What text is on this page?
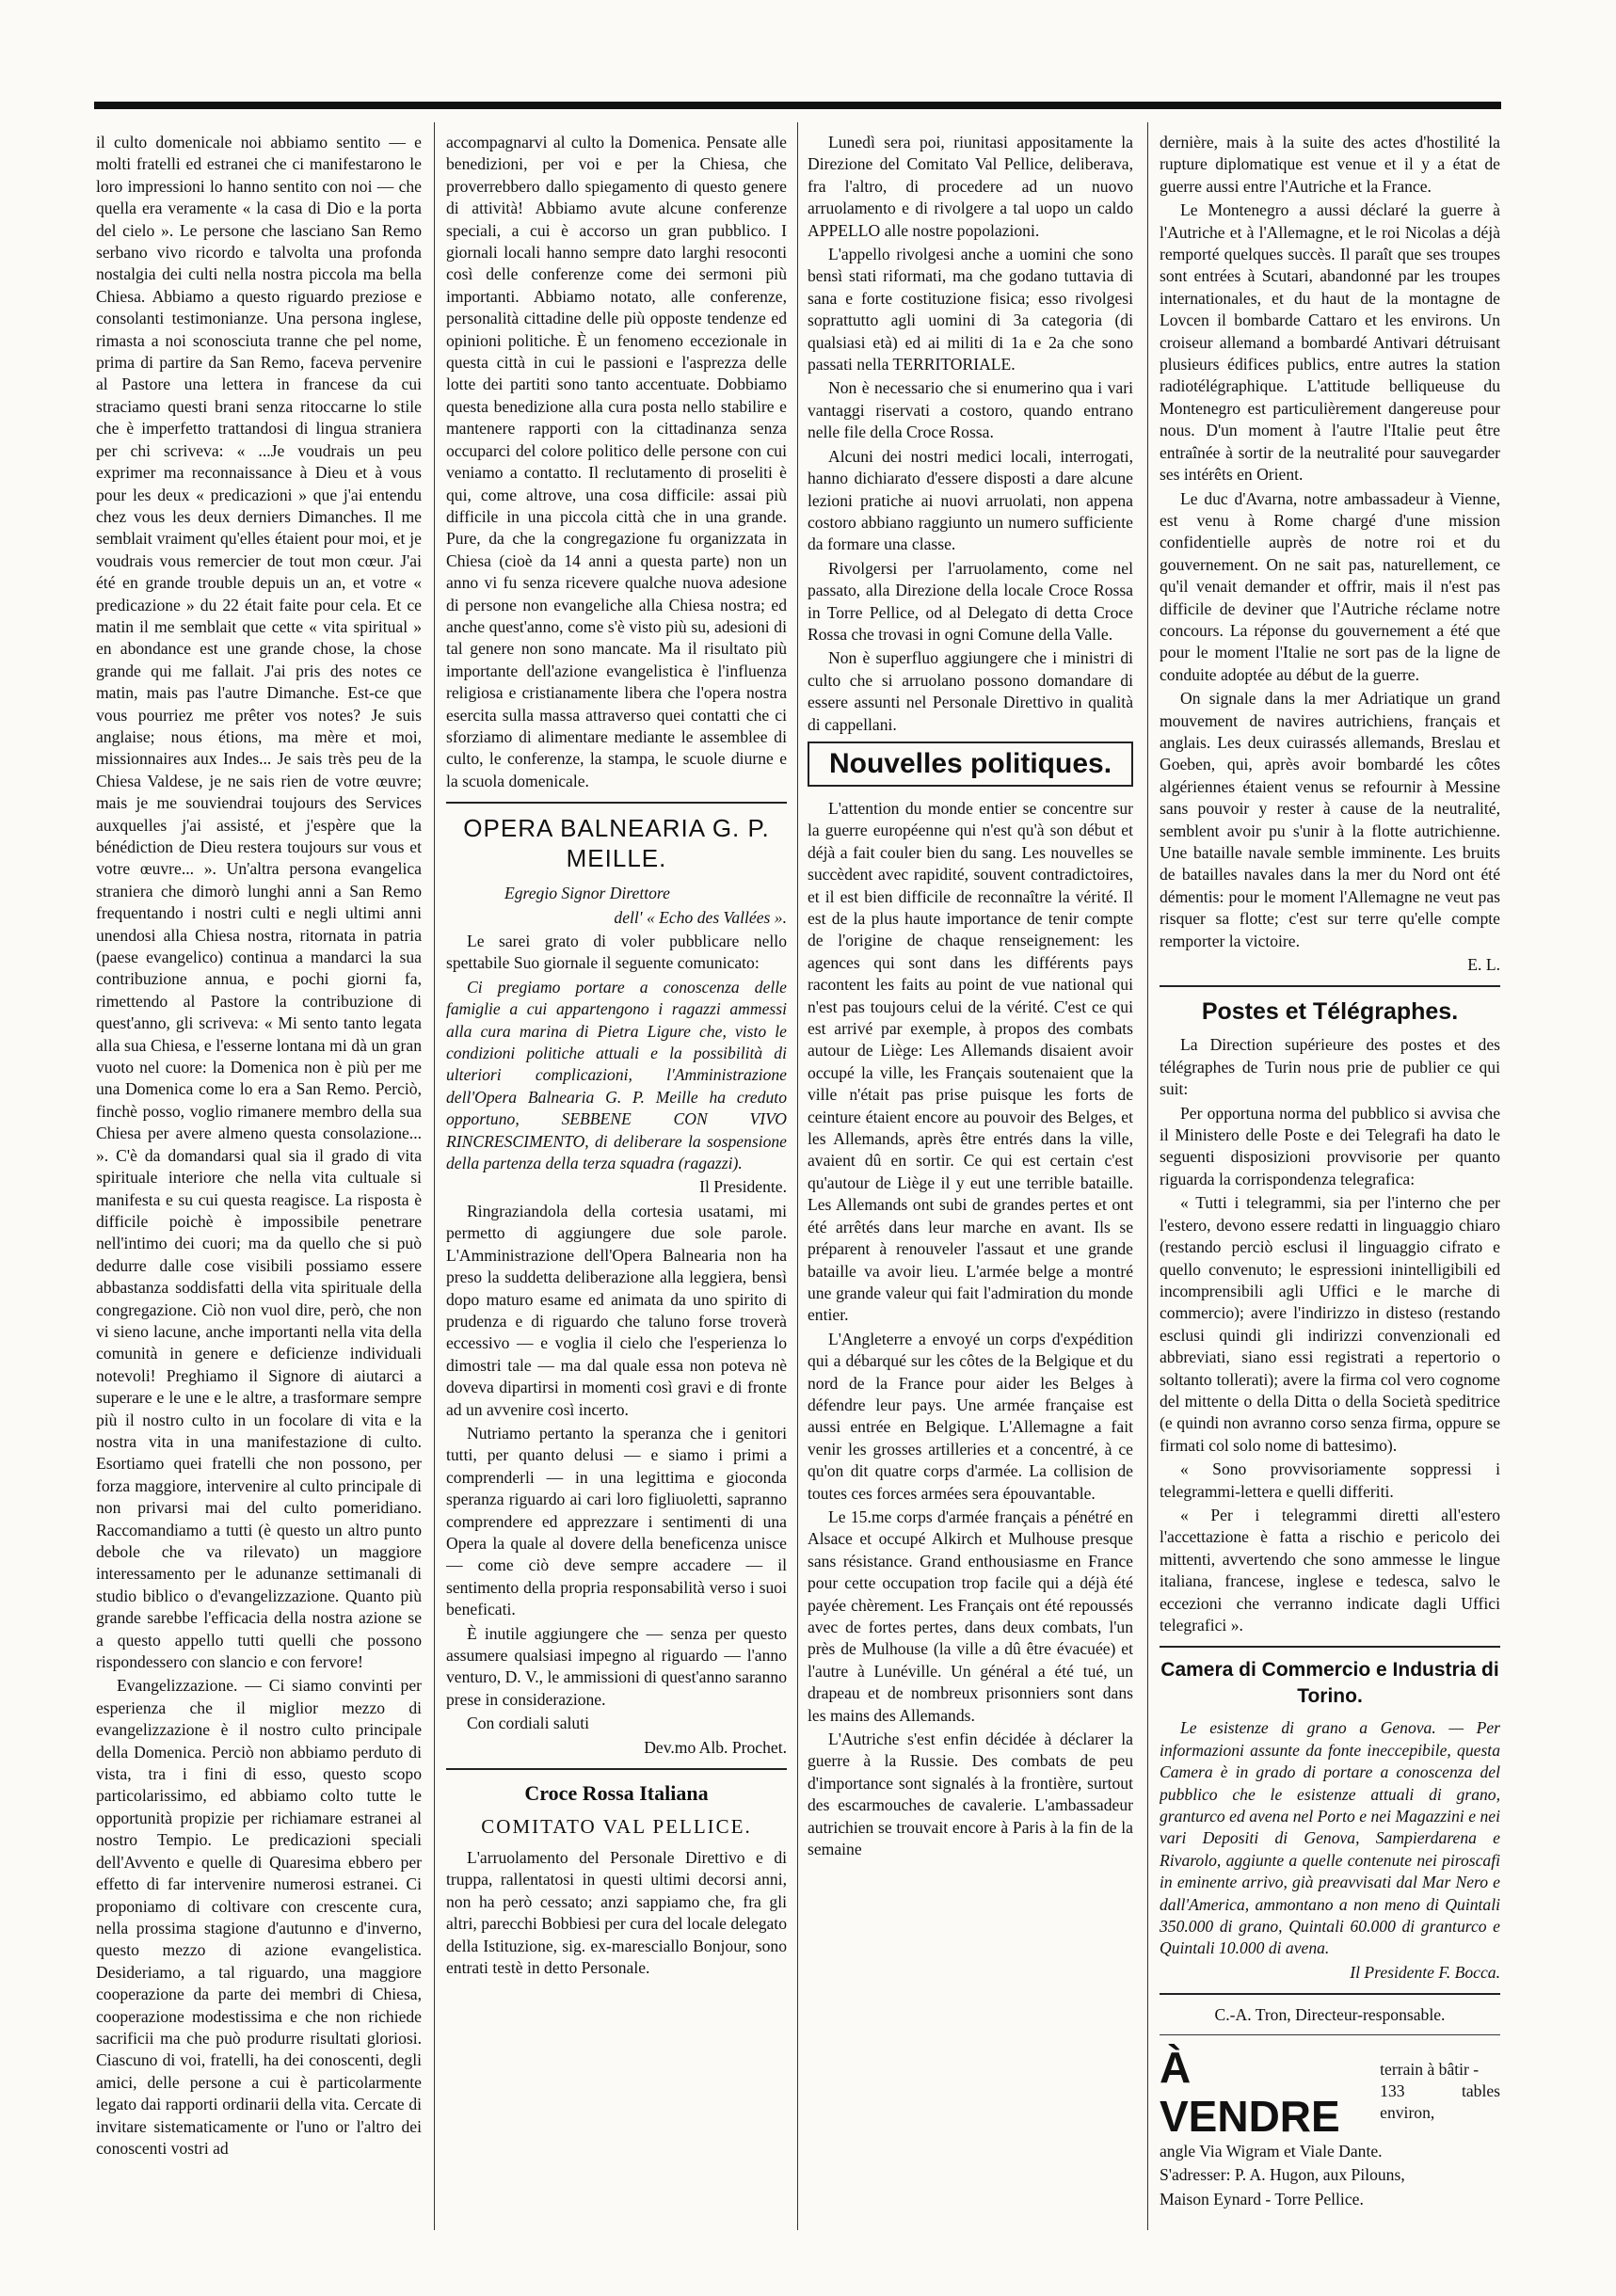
il culto domenicale noi abbiamo sentito — e molti fratelli ed estranei che ci manifestarono le loro impressioni lo hanno sentito con noi — che quella era veramente « la casa di Dio e la porta del cielo ». Le persone che lasciano San Remo serbano vivo ricordo e talvolta una profonda nostalgia dei culti nella nostra piccola ma bella Chiesa. Abbiamo a questo riguardo preziose e consolanti testimonianze. Una persona inglese, rimasta a noi sconosciuta tranne che pel nome, prima di partire da San Remo, faceva pervenire al Pastore una lettera in francese da cui straciamo questi brani senza ritoccarne lo stile che è imperfetto trattandosi di lingua straniera per chi scriveva: « ...Je voudrais un peu exprimer ma reconnaissance à Dieu et à vous pour les deux « predicazioni » que j'ai entendu chez vous les deux derniers Dimanches. Il me semblait vraiment qu'elles étaient pour moi, et je voudrais vous remercier de tout mon cœur. J'ai été en grande trouble depuis un an, et votre « predicazione » du 22 était faite pour cela. Et ce matin il me semblait que cette « vita spiritual » en abondance est une grande chose, la chose grande qui me fallait. J'ai pris des notes ce matin, mais pas l'autre Dimanche. Est-ce que vous pourriez me prêter vos notes? Je suis anglaise; nous étions, ma mère et moi, missionnaires aux Indes... Je sais très peu de la Chiesa Valdese, je ne sais rien de votre œuvre; mais je me souviendrai toujours des Services auxquelles j'ai assisté, et j'espère que la bénédiction de Dieu restera toujours sur vous et votre œuvre... ». Un'altra persona evangelica straniera che dimorò lunghi anni a San Remo frequentando i nostri culti e negli ultimi anni unendosi alla Chiesa nostra, ritornata in patria (paese evangelico) continua a mandarci la sua contribuzione annua, e pochi giorni fa, rimettendo al Pastore la contribuzione di quest'anno, gli scriveva: « Mi sento tanto legata alla sua Chiesa, e l'esserne lontana mi dà un gran vuoto nel cuore: la Domenica non è più per me una Domenica come lo era a San Remo. Perciò, finchè posso, voglio rimanere membro della sua Chiesa per avere almeno questa consolazione... ». C'è da domandarsi qual sia il grado di vita spirituale interiore che nella vita cultuale si manifesta e su cui questa reagisce. La risposta è difficile poichè è impossibile penetrare nell'intimo dei cuori; ma da quello che si può dedurre dalle cose visibili possiamo essere abbastanza soddisfatti della vita spirituale della congregazione. Ciò non vuol dire, però, che non vi sieno lacune, anche importanti nella vita della comunità in genere e deficienze individuali notevoli! Preghiamo il Signore di aiutarci a superare e le une e le altre, a trasformare sempre più il nostro culto in un focolare di vita e la nostra vita in una manifestazione di culto. Esortiamo quei fratelli che non possono, per forza maggiore, intervenire al culto principale di non privarsi mai del culto pomeridiano. Raccomandiamo a tutti (è questo un altro punto debole che va rilevato) un maggiore interessamento per le adunanze settimanali di studio biblico o d'evangelizzazione. Quanto più grande sarebbe l'efficacia della nostra azione se a questo appello tutti quelli che possono rispondessero con slancio e con fervore!

Evangelizzazione. — Ci siamo convinti per esperienza che il miglior mezzo di evangelizzazione è il nostro culto principale della Domenica. Perciò non abbiamo perduto di vista, tra i fini di esso, questo scopo particolarissimo, ed abbiamo colto tutte le opportunità propizie per richiamare estranei al nostro Tempio. Le predicazioni speciali dell'Avvento e quelle di Quaresima ebbero per effetto di far intervenire numerosi estranei. Ci proponiamo di coltivare con crescente cura, nella prossima stagione d'autunno e d'inverno, questo mezzo di azione evangelistica. Desideriamo, a tal riguardo, una maggiore cooperazione da parte dei membri di Chiesa, cooperazione modestissima e che non richiede sacrificii ma che può produrre risultati gloriosi. Ciascuno di voi, fratelli, ha dei conoscenti, degli amici, delle persone a cui è particolarmente legato dai rapporti ordinarii della vita. Cercate di invitare sistematicamente or l'uno or l'altro dei conoscenti vostri ad

accompagnarvi al culto la Domenica. Pensate alle benedizioni, per voi e per la Chiesa, che proverrebbero dallo spiegamento di questo genere di attività! Abbiamo avute alcune conferenze speciali, a cui è accorso un gran pubblico. I giornali locali hanno sempre dato larghi resoconti così delle conferenze come dei sermoni più importanti. Abbiamo notato, alle conferenze, personalità cittadine delle più opposte tendenze ed opinioni politiche. È un fenomeno eccezionale in questa città in cui le passioni e l'asprezza delle lotte dei partiti sono tanto accentuate. Dobbiamo questa benedizione alla cura posta nello stabilire e mantenere rapporti con la cittadinanza senza occuparci del colore politico delle persone con cui veniamo a contatto. Il reclutamento di proseliti è qui, come altrove, una cosa difficile: assai più difficile in una piccola città che in una grande. Pure, da che la congregazione fu organizzata in Chiesa (cioè da 14 anni a questa parte) non un anno vi fu senza ricevere qualche nuova adesione di persone non evangeliche alla Chiesa nostra; ed anche quest'anno, come s'è visto più su, adesioni di tal genere non sono mancate. Ma il risultato più importante dell'azione evangelistica è l'influenza religiosa e cristianamente libera che l'opera nostra esercita sulla massa attraverso quei contatti che ci sforziamo di alimentare mediante le assemblee di culto, le conferenze, la stampa, le scuole diurne e la scuola domenicale.

OPERA BALNEARIA G. P. MEILLE.

Egregio Signor Direttore

dell' « Echo des Vallées ».

Le sarei grato di voler pubblicare nello spettabile Suo giornale il seguente comunicato:

Ci pregiamo portare a conoscenza delle famiglie a cui appartengono i ragazzi ammessi alla cura marina di Pietra Ligure che, visto le condizioni politiche attuali e la possibilità di ulteriori complicazioni, l'Amministrazione dell'Opera Balnearia G. P. Meille ha creduto opportuno, SEBBENE CON VIVO RINCRESCIMENTO, di deliberare la sospensione della partenza della terza squadra (ragazzi).

Il Presidente.

Ringraziandola della cortesia usatami, mi permetto di aggiungere due sole parole. L'Amministrazione dell'Opera Balnearia non ha preso la suddetta deliberazione alla leggiera, bensì dopo maturo esame ed animata da uno spirito di prudenza e di riguardo che taluno forse troverà eccessivo — e voglia il cielo che l'esperienza lo dimostri tale — ma dal quale essa non poteva nè doveva dipartirsi in momenti così gravi e di fronte ad un avvenire così incerto.

Nutriamo pertanto la speranza che i genitori tutti, per quanto delusi — e siamo i primi a comprenderli — in una legittima e gioconda speranza riguardo ai cari loro figliuoletti, sapranno comprendere ed apprezzare i sentimenti di una Opera la quale al dovere della beneficenza unisce — come ciò deve sempre accadere — il sentimento della propria responsabilità verso i suoi beneficati.

È inutile aggiungere che — senza per questo assumere qualsiasi impegno al riguardo — l'anno venturo, D. V., le ammissioni di quest'anno saranno prese in considerazione.

Con cordiali saluti

Dev.mo Alb. Prochet.

Croce Rossa Italiana
COMITATO VAL PELLICE.

L'arruolamento del Personale Direttivo e di truppa, rallentatosi in questi ultimi decorsi anni, non ha però cessato; anzi sappiamo che, fra gli altri, parecchi Bobbiesi per cura del locale delegato della Istituzione, sig. ex-maresciallo Bonjour, sono entrati testè in detto Personale.

Lunedì sera poi, riunitasi appositamente la Direzione del Comitato Val Pellice, deliberava, fra l'altro, di procedere ad un nuovo arruolamento e di rivolgere a tal uopo un caldo APPELLO alle nostre popolazioni.

L'appello rivolgesi anche a uomini che sono bensì stati riformati, ma che godano tuttavia di sana e forte costituzione fisica; esso rivolgesi soprattutto agli uomini di 3a categoria (di qualsiasi età) ed ai militi di 1a e 2a che sono passati nella TERRITORIALE.

Non è necessario che si enumerino qua i vari vantaggi riservati a costoro, quando entrano nelle file della Croce Rossa.

Alcuni dei nostri medici locali, interrogati, hanno dichiarato d'essere disposti a dare alcune lezioni pratiche ai nuovi arruolati, non appena costoro abbiano raggiunto un numero sufficiente da formare una classe.

Rivolgersi per l'arruolamento, come nel passato, alla Direzione della locale Croce Rossa in Torre Pellice, od al Delegato di detta Croce Rossa che trovasi in ogni Comune della Valle.

Non è superfluo aggiungere che i ministri di culto che si arruolano possono domandare di essere assunti nel Personale Direttivo in qualità di cappellani.

Nouvelles politiques.

L'attention du monde entier se concentre sur la guerre européenne qui n'est qu'à son début et déjà a fait couler bien du sang. Les nouvelles se succèdent avec rapidité, souvent contradictoires, et il est bien difficile de reconnaître la vérité. Il est de la plus haute importance de tenir compte de l'origine de chaque renseignement: les agences qui sont dans les différents pays racontent les faits au point de vue national qui n'est pas toujours celui de la vérité. C'est ce qui est arrivé par exemple, à propos des combats autour de Liège: Les Allemands disaient avoir occupé la ville, les Français soutenaient que la ville n'était pas prise puisque les forts de ceinture étaient encore au pouvoir des Belges, et les Allemands, après être entrés dans la ville, avaient dû en sortir. Ce qui est certain c'est qu'autour de Liège il y eut une terrible bataille. Les Allemands ont subi de grandes pertes et ont été arrêtés dans leur marche en avant. Ils se préparent à renouveler l'assaut et une grande bataille va avoir lieu. L'armée belge a montré une grande valeur qui fait l'admiration du monde entier.

L'Angleterre a envoyé un corps d'expédition qui a débarqué sur les côtes de la Belgique et du nord de la France pour aider les Belges à défendre leur pays. Une armée française est aussi entrée en Belgique. L'Allemagne a fait venir les grosses artilleries et a concentré, à ce qu'on dit quatre corps d'armée. La collision de toutes ces forces armées sera épouvantable.

Le 15.me corps d'armée français a pénétré en Alsace et occupé Alkirch et Mulhouse presque sans résistance. Grand enthousiasme en France pour cette occupation trop facile qui a déjà été payée chèrement. Les Français ont été repoussés avec de fortes pertes, dans deux combats, l'un près de Mulhouse (la ville a dû être évacuée) et l'autre à Lunéville. Un général a été tué, un drapeau et de nombreux prisonniers sont dans les mains des Allemands.

L'Autriche s'est enfin décidée à déclarer la guerre à la Russie. Des combats de peu d'importance sont signalés à la frontière, surtout des escarmouches de cavalerie. L'ambassadeur autrichien se trouvait encore à Paris à la fin de la semaine

dernière, mais à la suite des actes d'hostilité la rupture diplomatique est venue et il y a état de guerre aussi entre l'Autriche et la France.

Le Montenegro a aussi déclaré la guerre à l'Autriche et à l'Allemagne, et le roi Nicolas a déjà remporté quelques succès. Il paraît que ses troupes sont entrées à Scutari, abandonné par les troupes internationales, et du haut de la montagne de Lovcen il bombarde Cattaro et les environs. Un croiseur allemand a bombardé Antivari détruisant plusieurs édifices publics, entre autres la station radiotélégraphique. L'attitude belliqueuse du Montenegro est particulièrement dangereuse pour nous. D'un moment à l'autre l'Italie peut être entraînée à sortir de la neutralité pour sauvegarder ses intérêts en Orient.

Le duc d'Avarna, notre ambassadeur à Vienne, est venu à Rome chargé d'une mission confidentielle auprès de notre roi et du gouvernement. On ne sait pas, naturellement, ce qu'il venait demander et offrir, mais il n'est pas difficile de deviner que l'Autriche réclame notre concours. La réponse du gouvernement a été que pour le moment l'Italie ne sort pas de la ligne de conduite adoptée au début de la guerre.

On signale dans la mer Adriatique un grand mouvement de navires autrichiens, français et anglais. Les deux cuirassés allemands, Breslau et Goeben, qui, après avoir bombardé les côtes algériennes étaient venus se refournir à Messine sans pouvoir y rester à cause de la neutralité, semblent avoir pu s'unir à la flotte autrichienne. Une bataille navale semble imminente. Les bruits de batailles navales dans la mer du Nord ont été démentis: pour le moment l'Allemagne ne veut pas risquer sa flotte; c'est sur terre qu'elle compte remporter la victoire.

E. L.

Postes et Télégraphes.

La Direction supérieure des postes et des télégraphes de Turin nous prie de publier ce qui suit:

Per opportuna norma del pubblico si avvisa che il Ministero delle Poste e dei Telegrafi ha dato le seguenti disposizioni provvisorie per quanto riguarda la corrispondenza telegrafica:

« Tutti i telegrammi, sia per l'interno che per l'estero, devono essere redatti in linguaggio chiaro (restando perciò esclusi il linguaggio cifrato e quello convenuto; le espressioni inintelligibili ed incomprensibili agli Uffici e le marche di commercio); avere l'indirizzo in disteso (restando esclusi quindi gli indirizzi convenzionali ed abbreviati, siano essi registrati a repertorio o soltanto tollerati); avere la firma col vero cognome del mittente o della Ditta o della Società speditrice (e quindi non avranno corso senza firma, oppure se firmati col solo nome di battesimo).

« Sono provvisoriamente soppressi i telegrammi-lettera e quelli differiti.

« Per i telegrammi diretti all'estero l'accettazione è fatta a rischio e pericolo dei mittenti, avvertendo che sono ammesse le lingue italiana, francese, inglese e tedesca, salvo le eccezioni che verranno indicate dagli Uffici telegrafici ».

Camera di Commercio e Industria di Torino.

Le esistenze di grano a Genova. — Per informazioni assunte da fonte ineccepibile, questa Camera è in grado di portare a conoscenza del pubblico che le esistenze attuali di grano, granturco ed avena nel Porto e nei Magazzini e nei vari Depositi di Genova, Sampierdarena e Rivarolo, aggiunte a quelle contenute nei piroscafi in eminente arrivo, già preavvisati dal Mar Nero e dall'America, ammontano a non meno di Quintali 350.000 di grano, Quintali 60.000 di granturco e Quintali 10.000 di avena.

Il Presidente F. Bocca.

C.-A. Tron, Directeur-responsable.

À VENDRE
terrain à bâtir -
133 tables environ,

angle Via Wigram et Viale Dante.

S'adresser: P. A. Hugon, aux Pilouns,

Maison Eynard - Torre Pellice.
